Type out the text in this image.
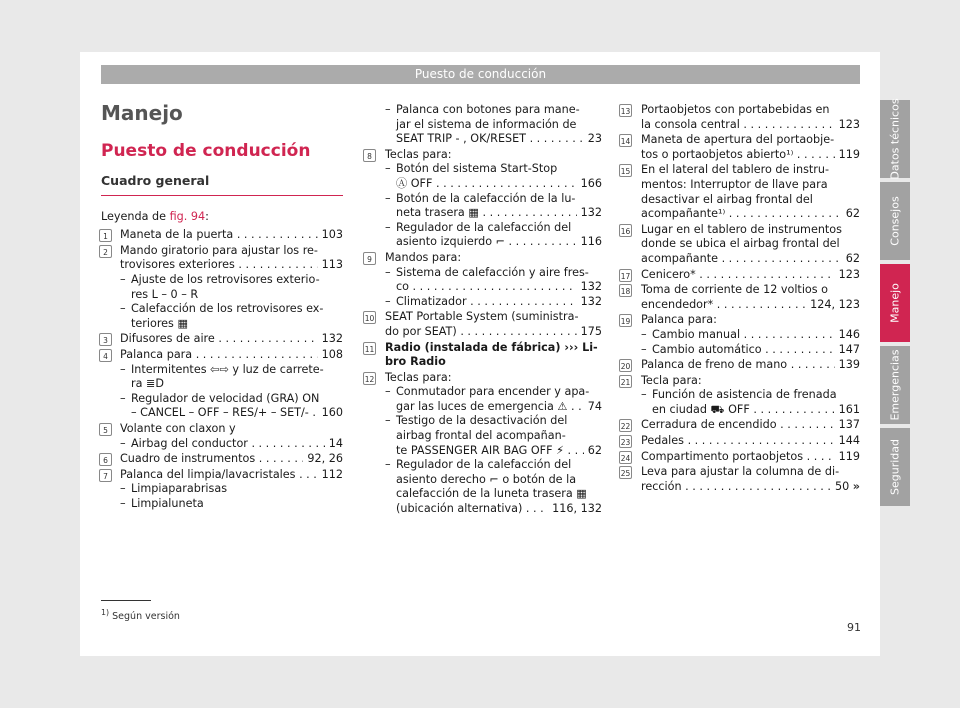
Puesto de conducción
Manejo
Puesto de conducción
Cuadro general
Leyenda de fig. 94:
1	Maneta de la puerta . . .	103
2	Mando giratorio para ajustar los re-
trovisores exteriores . . .	113
– Ajuste de los retrovisores exterio-
res L – 0 – R
– Calefacción de los retrovisores ex-
teriores ▦
3	Difusores de aire . . .	132
4	Palanca para . . .	108
– Intermitentes ⇦⇨ y luz de carrete-
ra ≣D
– Regulador de velocidad (GRA) ON
– CANCEL – OFF – RES/+ – SET/- . . .	160
5	Volante con claxon y
– Airbag del conductor . . .	14
6	Cuadro de instrumentos . . .	92, 26
7	Palanca del limpia/lavacristales . . .	112
– Limpiaparabrisas
– Limpialuneta
– Palanca con botones para mane-
jar el sistema de información de
SEAT TRIP - , OK/RESET . . .	23
8	Teclas para:
– Botón del sistema Start-Stop
Ⓐ OFF . . .	166
– Botón de la calefacción de la lu-
neta trasera ▦ . . .	132
– Regulador de la calefacción del
asiento izquierdo ⌐ . . .	116
9	Mandos para:
– Sistema de calefacción y aire fres-
co . . .	132
– Climatizador . . .	132
10 SEAT Portable System (suministra-
do por SEAT) . . .	175
11 Radio (instalada de fábrica) ››› Li-
bro Radio
12 Teclas para:
– Conmutador para encender y apa-
gar las luces de emergencia ⚠ . . .	74
– Testigo de la desactivación del
airbag frontal del acompañan-
te PASSENGER AIR BAG OFF ⚡ . . .	62
– Regulador de la calefacción del
asiento derecho ⌐ o botón de la
calefacción de la luneta trasera ▦
(ubicación alternativa) . . .	116, 132
13 Portaobjetos con portabebidas en
la consola central . . .	123
14 Maneta de apertura del portaobje-
tos o portaobjetos abierto¹⁾ . . .	119
15 En el lateral del tablero de instru-
mentos: Interruptor de llave para
desactivar el airbag frontal del
acompañante¹⁾ . . .	62
16 Lugar en el tablero de instrumentos
donde se ubica el airbag frontal del
acompañante . . .	62
17 Cenicero* . . .	123
18 Toma de corriente de 12 voltios o
encendedor* . . .	124, 123
19 Palanca para:
– Cambio manual . . .	146
– Cambio automático . . .	147
20 Palanca de freno de mano . . .	139
21 Tecla para:
– Función de asistencia de frenada
en ciudad ⛟ OFF . . .	161
22 Cerradura de encendido . . .	137
23 Pedales . . .	144
24 Compartimento portaobjetos . . .	119
25 Leva para ajustar la columna de di-
rección . . .	50 »
Datos técnicos
Consejos
Manejo
Emergencias
Seguridad
$^{1)}$ Según versión
91
